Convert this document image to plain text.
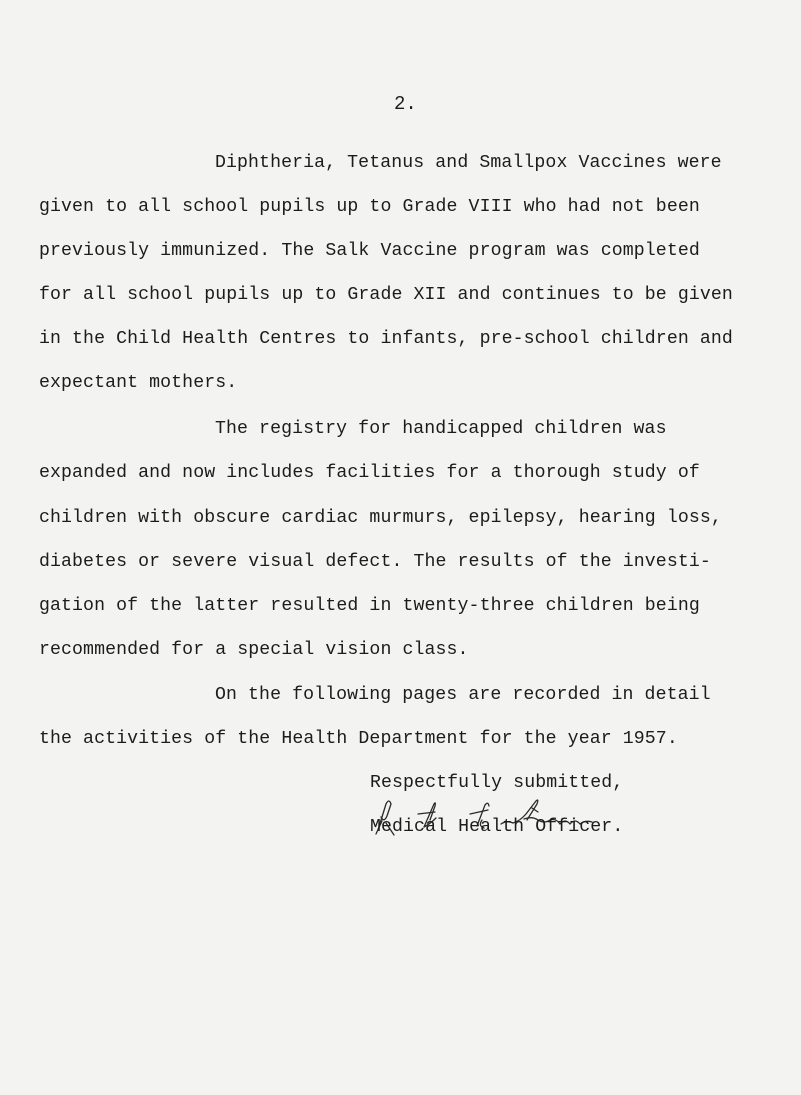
2.
Diphtheria, Tetanus and Smallpox Vaccines were
given to all school pupils up to Grade VIII who had not been
previously immunized. The Salk Vaccine program was completed
for all school pupils up to Grade XII and continues to be given
in the Child Health Centres to infants, pre-school children and
expectant mothers.
The registry for handicapped children was
expanded and now includes facilities for a thorough study of
children with obscure cardiac murmurs, epilepsy, hearing loss,
diabetes or severe visual defect. The results of the investi-
gation of the latter resulted in twenty-three children being
recommended for a special vision class.
On the following pages are recorded in detail
the activities of the Health Department for the year 1957.
Respectfully submitted,
Medical Health Officer.
